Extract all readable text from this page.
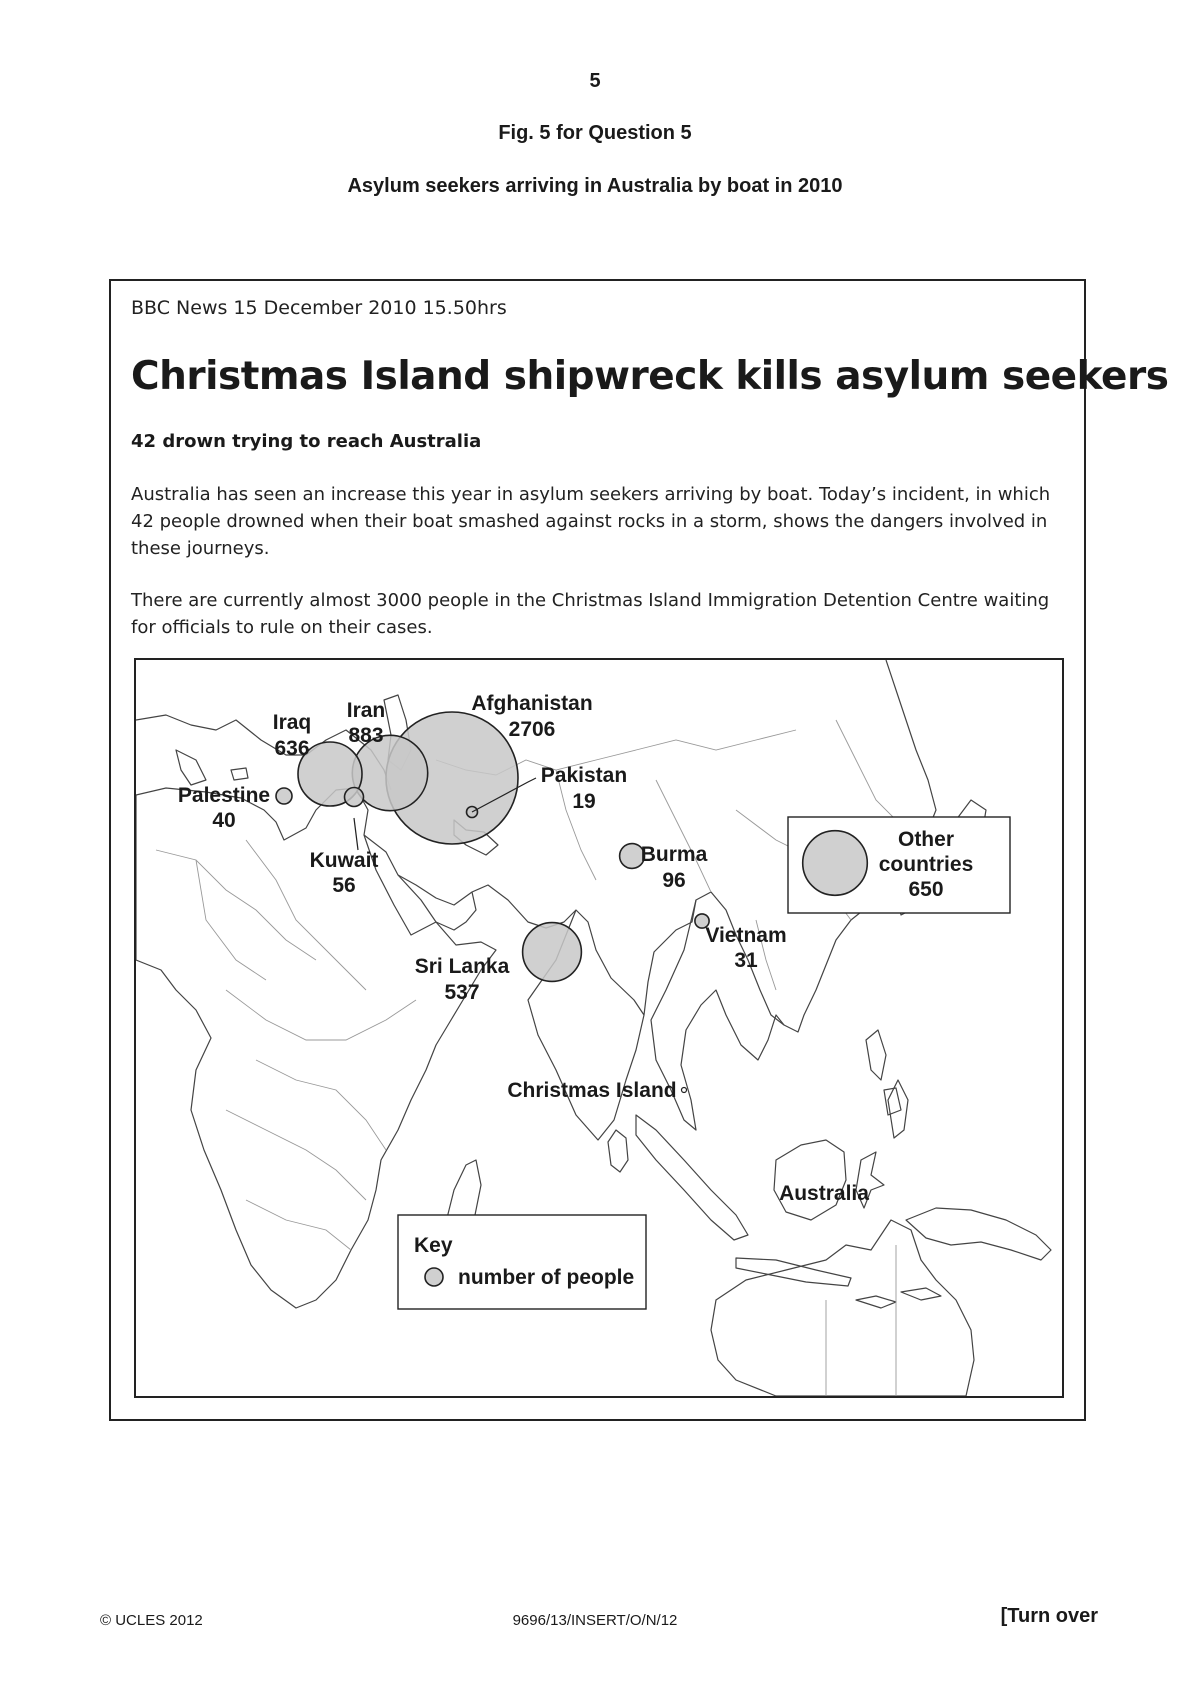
5
Fig. 5 for Question 5
Asylum seekers arriving in Australia by boat in 2010
BBC News 15 December 2010 15.50hrs
Christmas Island shipwreck kills asylum seekers
42 drown trying to reach Australia

Australia has seen an increase this year in asylum seekers arriving by boat. Today’s incident, in which 42 people drowned when their boat smashed against rocks in a storm, shows the dangers involved in these journeys.

There are currently almost 3000 people in the Christmas Island Immigration Detention Centre waiting for officials to rule on their cases.

Afghanistan
2706
Iran
883
Iraq
636
Sri Lanka
537
Burma
96
Kuwait
56
Palestine
40
Vietnam
31
Pakistan
19
Christmas Island
Australia
Other
countries
650
Key
number of people
© UCLES 2012	9696/13/INSERT/O/N/12	[Turn over
